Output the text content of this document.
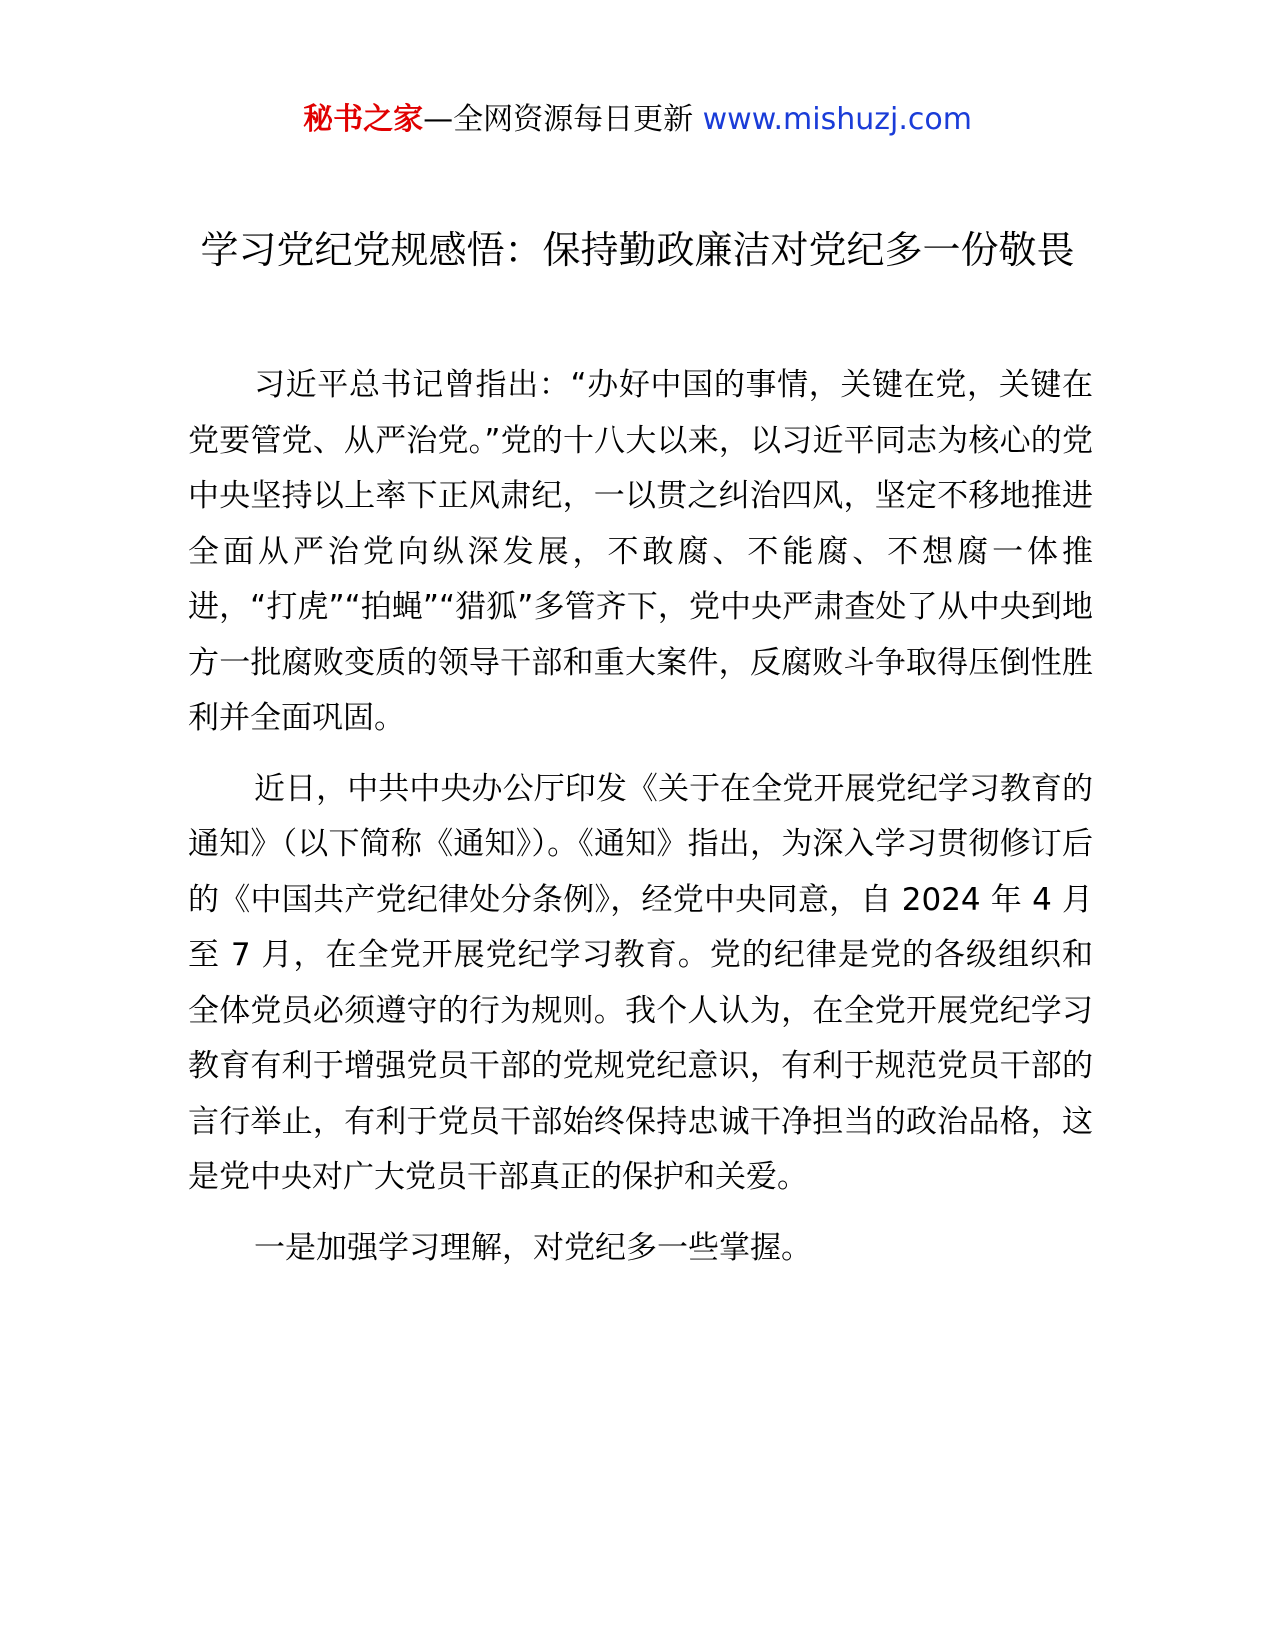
秘书之家—全网资源每日更新 www.mishuzj.com
学习党纪党规感悟：保持勤政廉洁对党纪多一份敬畏

习近平总书记曾指出：“办好中国的事情，关键在党，关键在党要管党、从严治党。”党的十八大以来，以习近平同志为核心的党中央坚持以上率下正风肃纪，一以贯之纠治四风，坚定不移地推进全面从严治党向纵深发展，不敢腐、不能腐、不想腐一体推进，“打虎”“拍蝇”“猎狐”多管齐下，党中央严肃查处了从中央到地方一批腐败变质的领导干部和重大案件，反腐败斗争取得压倒性胜利并全面巩固。

近日，中共中央办公厅印发《关于在全党开展党纪学习教育的通知》（以下简称《通知》）。《通知》指出，为深入学习贯彻修订后的《中国共产党纪律处分条例》，经党中央同意，自 2024 年 4 月至 7 月，在全党开展党纪学习教育。党的纪律是党的各级组织和全体党员必须遵守的行为规则。我个人认为，在全党开展党纪学习教育有利于增强党员干部的党规党纪意识，有利于规范党员干部的言行举止，有利于党员干部始终保持忠诚干净担当的政治品格，这是党中央对广大党员干部真正的保护和关爱。

一是加强学习理解，对党纪多一些掌握。
